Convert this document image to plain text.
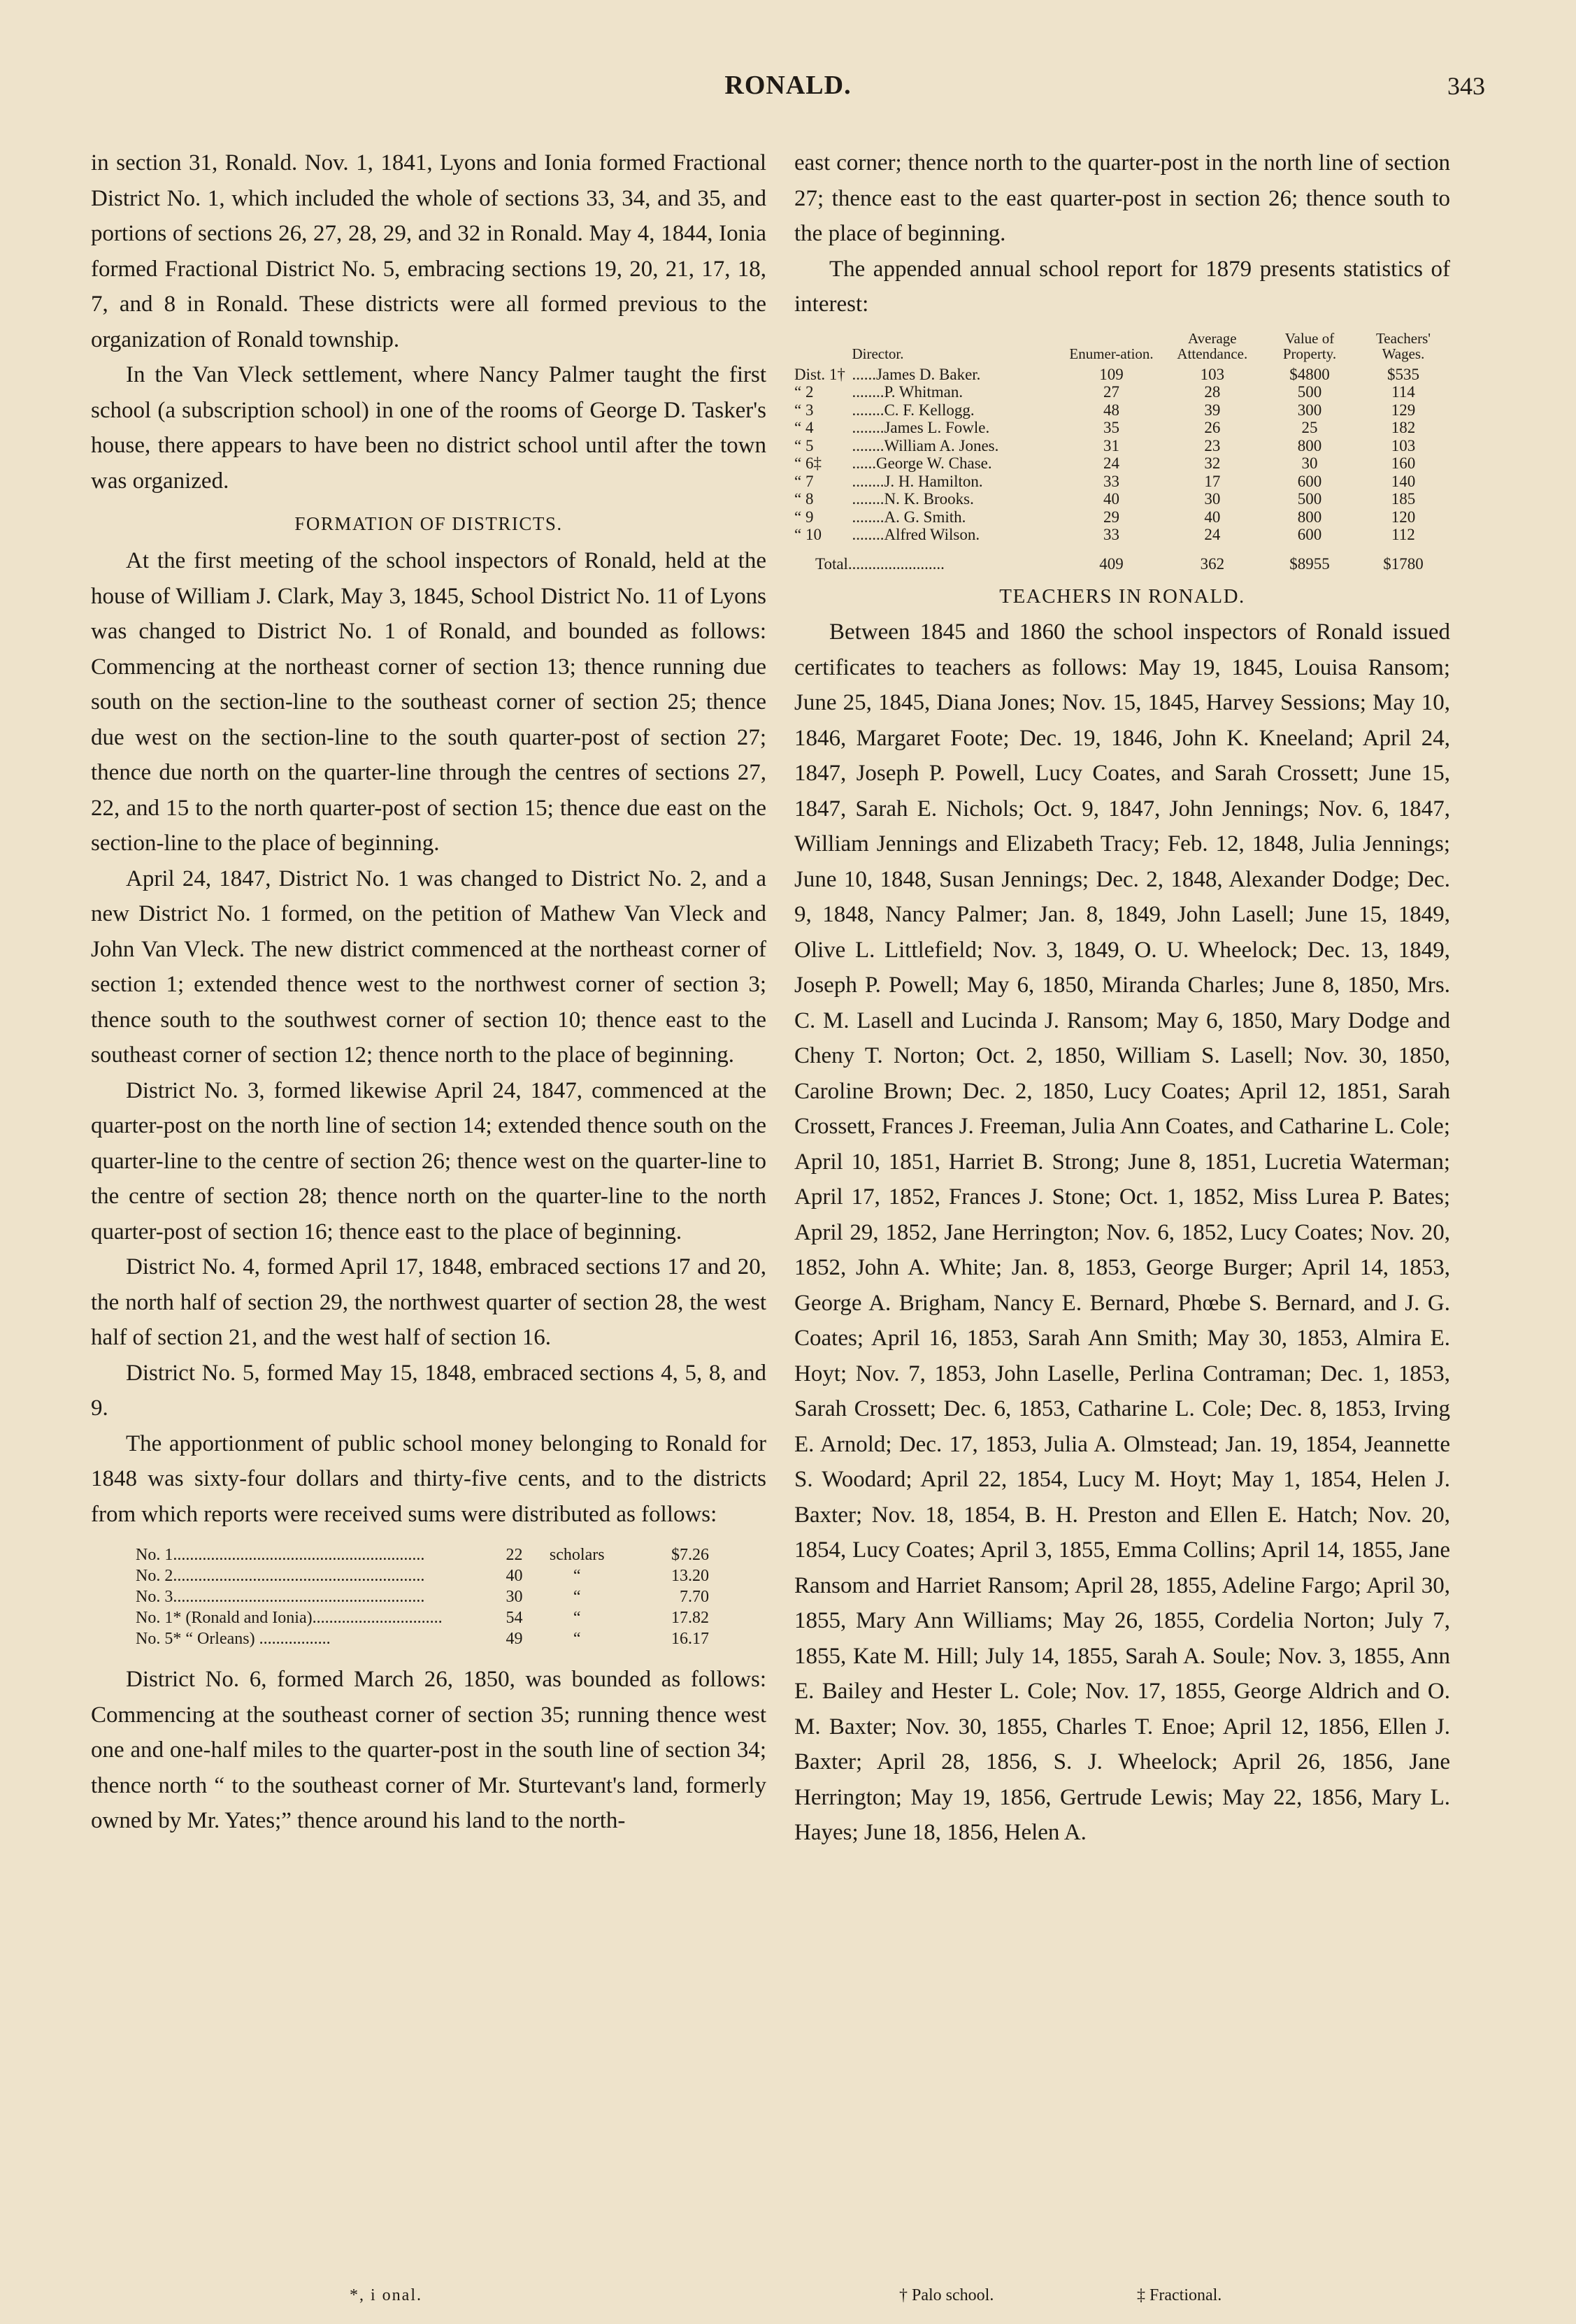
RONALD.	343

in section 31, Ronald. Nov. 1, 1841, Lyons and Ionia formed Fractional District No. 1, which included the whole of sections 33, 34, and 35, and portions of sections 26, 27, 28, 29, and 32 in Ronald. May 4, 1844, Ionia formed Fractional District No. 5, embracing sections 19, 20, 21, 17, 18, 7, and 8 in Ronald. These districts were all formed previous to the organization of Ronald township.

In the Van Vleck settlement, where Nancy Palmer taught the first school (a subscription school) in one of the rooms of George D. Tasker's house, there appears to have been no district school until after the town was organized.

FORMATION OF DISTRICTS.

At the first meeting of the school inspectors of Ronald, held at the house of William J. Clark, May 3, 1845, School District No. 11 of Lyons was changed to District No. 1 of Ronald, and bounded as follows: Commencing at the northeast corner of section 13; thence running due south on the section-line to the southeast corner of section 25; thence due west on the section-line to the south quarter-post of section 27; thence due north on the quarter-line through the centres of sections 27, 22, and 15 to the north quarter-post of section 15; thence due east on the section-line to the place of beginning.

April 24, 1847, District No. 1 was changed to District No. 2, and a new District No. 1 formed, on the petition of Mathew Van Vleck and John Van Vleck. The new district commenced at the northeast corner of section 1; extended thence west to the northwest corner of section 3; thence south to the southwest corner of section 10; thence east to the southeast corner of section 12; thence north to the place of beginning.

District No. 3, formed likewise April 24, 1847, commenced at the quarter-post on the north line of section 14; extended thence south on the quarter-line to the centre of section 26; thence west on the quarter-line to the centre of section 28; thence north on the quarter-line to the north quarter-post of section 16; thence east to the place of beginning.

District No. 4, formed April 17, 1848, embraced sections 17 and 20, the north half of section 29, the northwest quarter of section 28, the west half of section 21, and the west half of section 16.

District No. 5, formed May 15, 1848, embraced sections 4, 5, 8, and 9.

The apportionment of public school money belonging to Ronald for 1848 was sixty-four dollars and thirty-five cents, and to the districts from which reports were received sums were distributed as follows:

No. 1............................................................	22	scholars	$7.26
No. 2............................................................	40	“	13.20
No. 3............................................................	30	“	7.70
No. 1* (Ronald and Ionia)...............................	54	“	17.82
No. 5* “ Orleans) .................	49	“	16.17

District No. 6, formed March 26, 1850, was bounded as follows: Commencing at the southeast corner of section 35; running thence west one and one-half miles to the quarter-post in the south line of section 34; thence north “ to the southeast corner of Mr. Sturtevant's land, formerly owned by Mr. Yates;” thence around his land to the north-

east corner; thence north to the quarter-post in the north line of section 27; thence east to the east quarter-post in section 26; thence south to the place of beginning.

The appended annual school report for 1879 presents statistics of interest:

	Director.	Enumer-ation.	Average Attendance.	Value of Property.	Teachers' Wages.
Dist. 1†	......James D. Baker.	109	103	$4800	$535
“ 2	........P. Whitman.	27	28	500	114
“ 3	........C. F. Kellogg.	48	39	300	129
“ 4	........James L. Fowle.	35	26	25	182
“ 5	........William A. Jones.	31	23	800	103
“ 6‡	......George W. Chase.	24	32	30	160
“ 7	........J. H. Hamilton.	33	17	600	140
“ 8	........N. K. Brooks.	40	30	500	185
“ 9	........A. G. Smith.	29	40	800	120
“ 10	........Alfred Wilson.	33	24	600	112
Total........................		409	362	$8955	$1780
TEACHERS IN RONALD.

Between 1845 and 1860 the school inspectors of Ronald issued certificates to teachers as follows: May 19, 1845, Louisa Ransom; June 25, 1845, Diana Jones; Nov. 15, 1845, Harvey Sessions; May 10, 1846, Margaret Foote; Dec. 19, 1846, John K. Kneeland; April 24, 1847, Joseph P. Powell, Lucy Coates, and Sarah Crossett; June 15, 1847, Sarah E. Nichols; Oct. 9, 1847, John Jennings; Nov. 6, 1847, William Jennings and Elizabeth Tracy; Feb. 12, 1848, Julia Jennings; June 10, 1848, Susan Jennings; Dec. 2, 1848, Alexander Dodge; Dec. 9, 1848, Nancy Palmer; Jan. 8, 1849, John Lasell; June 15, 1849, Olive L. Littlefield; Nov. 3, 1849, O. U. Wheelock; Dec. 13, 1849, Joseph P. Powell; May 6, 1850, Miranda Charles; June 8, 1850, Mrs. C. M. Lasell and Lucinda J. Ransom; May 6, 1850, Mary Dodge and Cheny T. Norton; Oct. 2, 1850, William S. Lasell; Nov. 30, 1850, Caroline Brown; Dec. 2, 1850, Lucy Coates; April 12, 1851, Sarah Crossett, Frances J. Freeman, Julia Ann Coates, and Catharine L. Cole; April 10, 1851, Harriet B. Strong; June 8, 1851, Lucretia Waterman; April 17, 1852, Frances J. Stone; Oct. 1, 1852, Miss Lurea P. Bates; April 29, 1852, Jane Herrington; Nov. 6, 1852, Lucy Coates; Nov. 20, 1852, John A. White; Jan. 8, 1853, George Burger; April 14, 1853, George A. Brigham, Nancy E. Bernard, Phœbe S. Bernard, and J. G. Coates; April 16, 1853, Sarah Ann Smith; May 30, 1853, Almira E. Hoyt; Nov. 7, 1853, John Laselle, Perlina Contraman; Dec. 1, 1853, Sarah Crossett; Dec. 6, 1853, Catharine L. Cole; Dec. 8, 1853, Irving E. Arnold; Dec. 17, 1853, Julia A. Olmstead; Jan. 19, 1854, Jeannette S. Woodard; April 22, 1854, Lucy M. Hoyt; May 1, 1854, Helen J. Baxter; Nov. 18, 1854, B. H. Preston and Ellen E. Hatch; Nov. 20, 1854, Lucy Coates; April 3, 1855, Emma Collins; April 14, 1855, Jane Ransom and Harriet Ransom; April 28, 1855, Adeline Fargo; April 30, 1855, Mary Ann Williams; May 26, 1855, Cordelia Norton; July 7, 1855, Kate M. Hill; July 14, 1855, Sarah A. Soule; Nov. 3, 1855, Ann E. Bailey and Hester L. Cole; Nov. 17, 1855, George Aldrich and O. M. Baxter; Nov. 30, 1855, Charles T. Enoe; April 12, 1856, Ellen J. Baxter; April 28, 1856, S. J. Wheelock; April 26, 1856, Jane Herrington; May 19, 1856, Gertrude Lewis; May 22, 1856, Mary L. Hayes; June 18, 1856, Helen A.

*, i onal.	† Palo school.	‡ Fractional.
